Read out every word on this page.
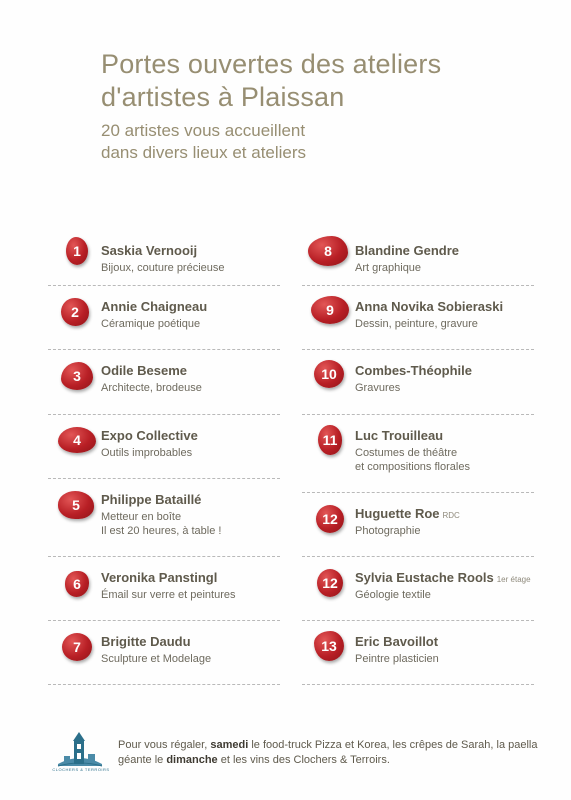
Portes ouvertes des ateliers
d'artistes à Plaissan

20 artistes vous accueillent
dans divers lieux et ateliers

1	Saskia Vernooij
Bijoux, couture précieuse
2	Annie Chaigneau
Céramique poétique
3	Odile Beseme
Architecte, brodeuse
4	Expo Collective
Outils improbables
5	Philippe Bataillé
Metteur en boîte
Il est 20 heures, à table !
6	Veronika Panstingl
Émail sur verre et peintures
7	Brigitte Daudu
Sculpture et Modelage
8	Blandine Gendre
Art graphique
9	Anna Novika Sobieraski
Dessin, peinture, gravure
10	Combes-Théophile
Gravures
11	Luc Trouilleau
Costumes de théâtre
et compositions florales
12	Huguette Roe RDC
Photographie
12	Sylvia Eustache Rools 1er étage
Géologie textile
13	Eric Bavoillot
Peintre plasticien
CLOCHERS & TERROIRS
Pour vous régaler, samedi le food-truck Pizza et Korea, les crêpes de Sarah, la paella géante le dimanche et les vins des Clochers & Terroirs.
